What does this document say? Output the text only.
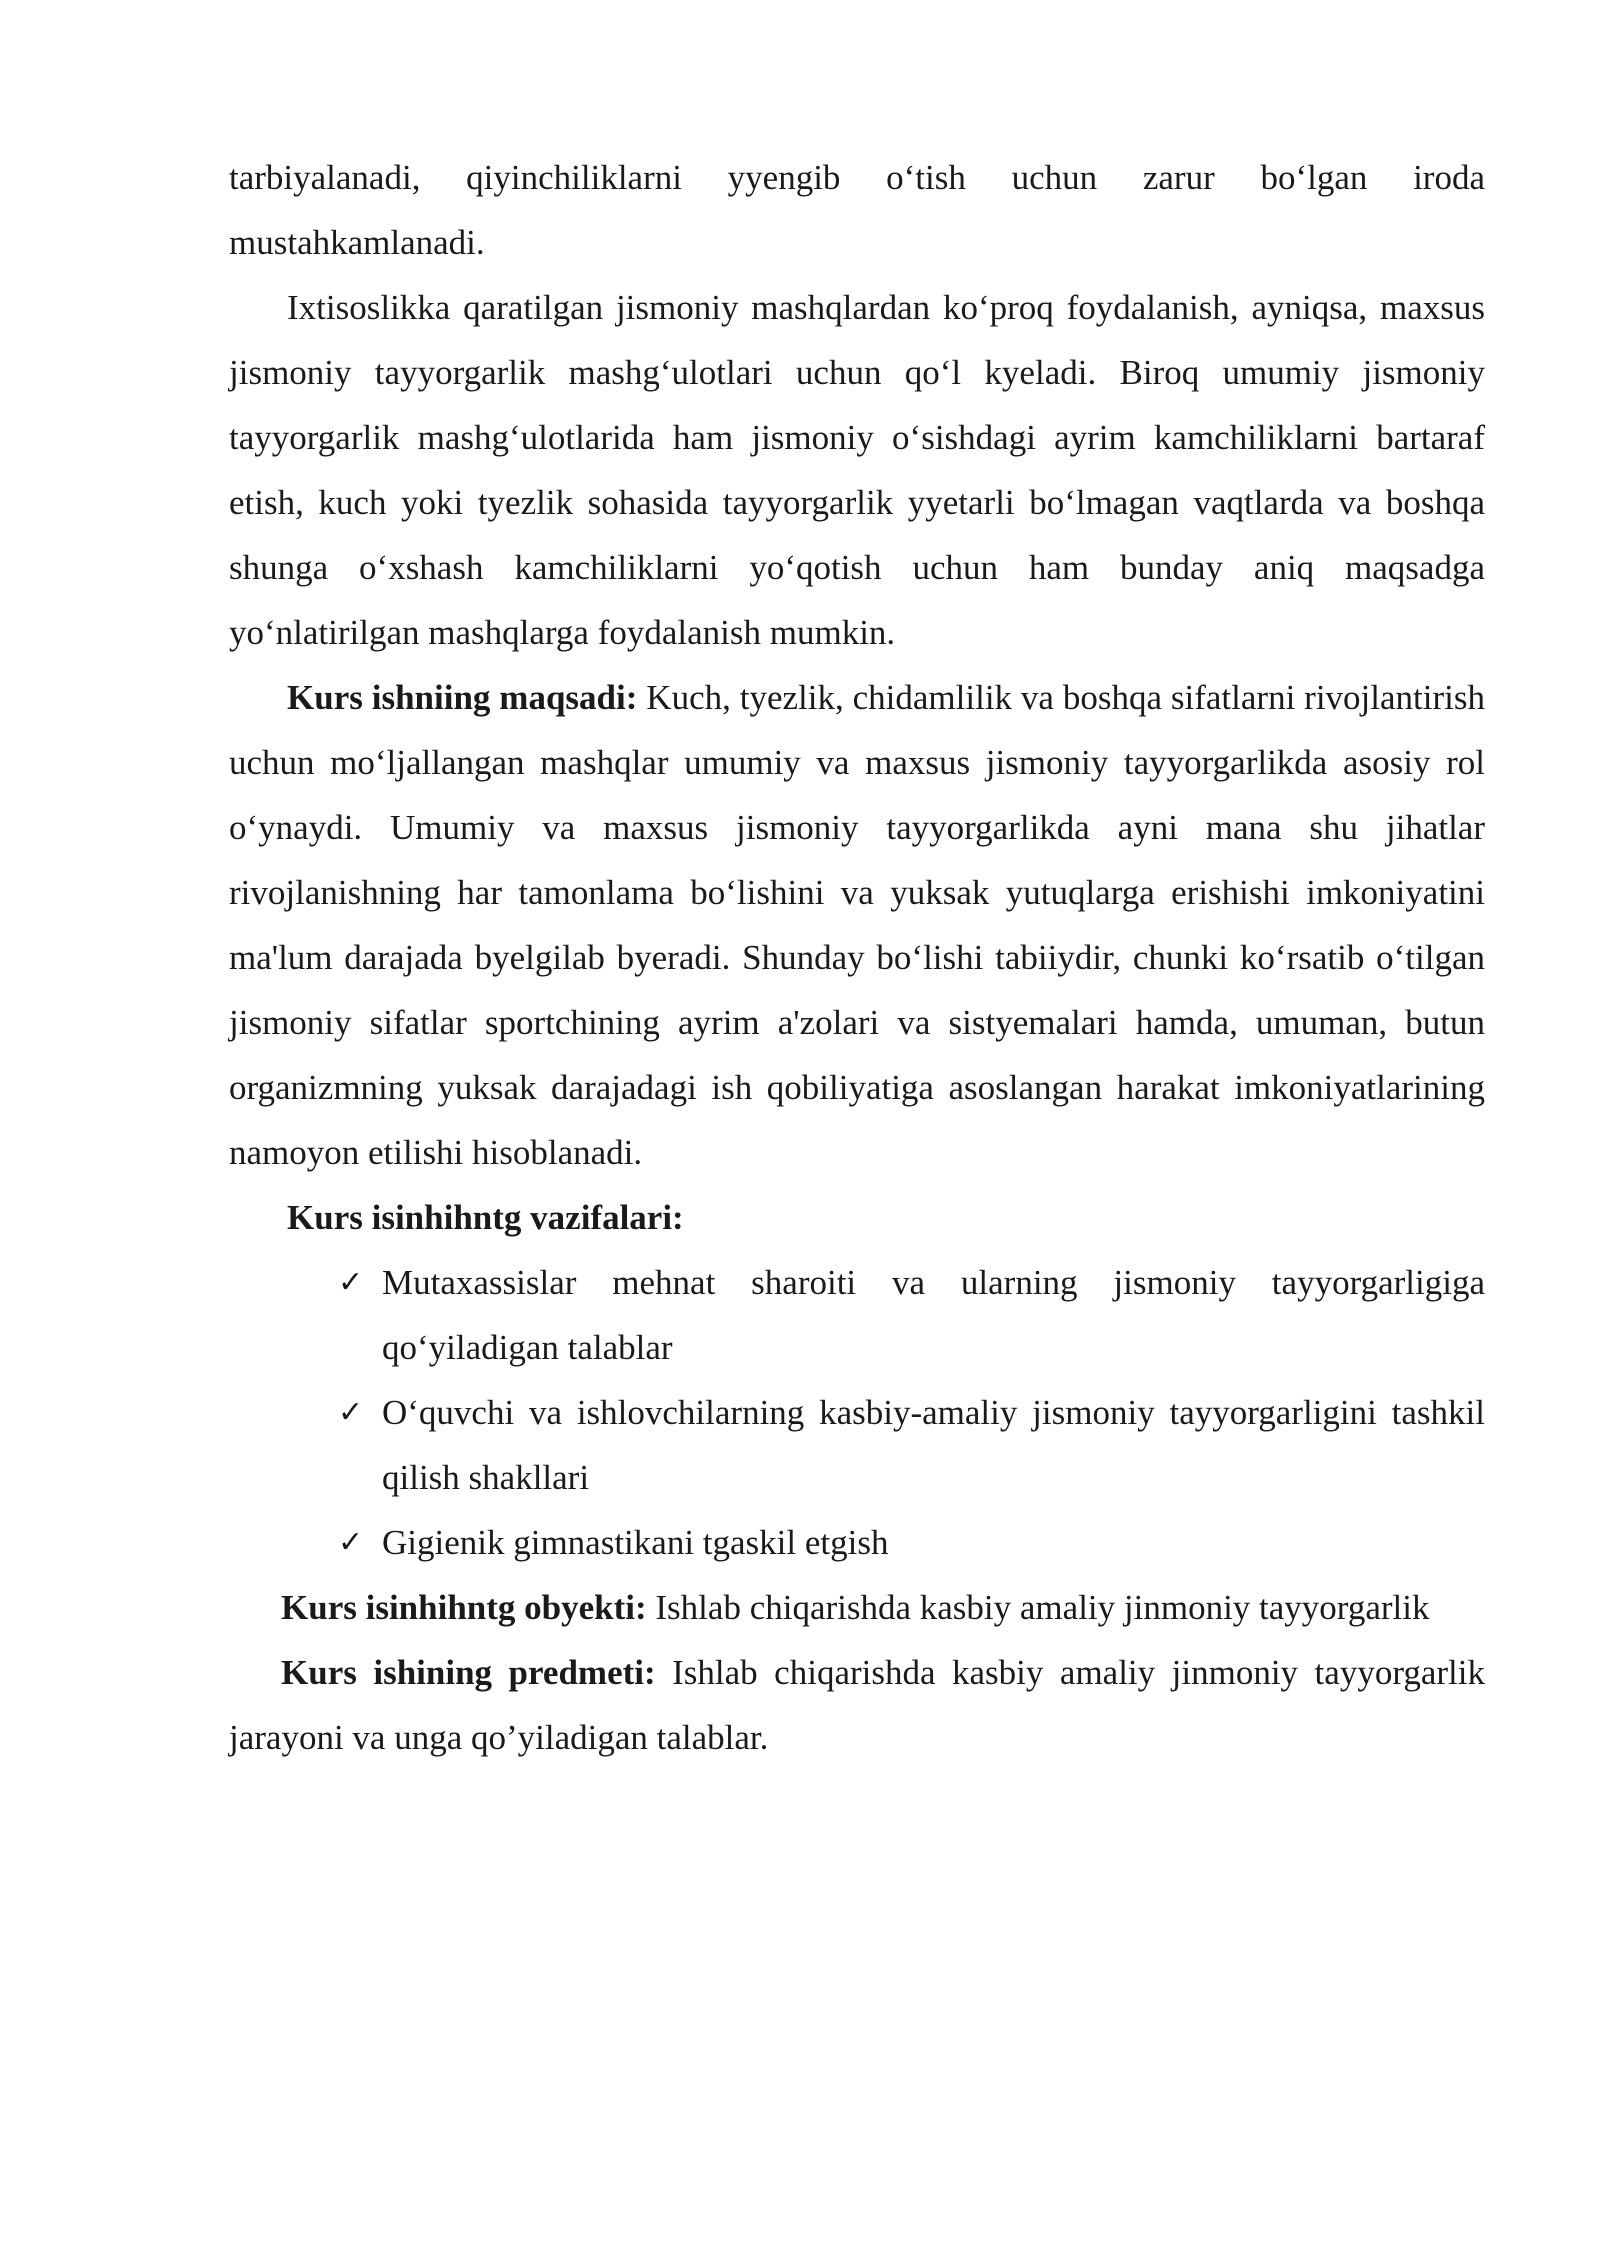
tarbiyalanadi, qiyinchiliklarni yyengib o‘tish uchun zarur bo‘lgan iroda mustahkamlanadi.

Ixtisoslikka qaratilgan jismoniy mashqlardan ko‘proq foydalanish, ayniqsa, maxsus jismoniy tayyorgarlik mashg‘ulotlari uchun qo‘l kyeladi. Biroq umumiy jismoniy tayyorgarlik mashg‘ulotlarida ham jismoniy o‘sishdagi ayrim kamchiliklarni bartaraf etish, kuch yoki tyezlik sohasida tayyorgarlik yyetarli bo‘lmagan vaqtlarda va boshqa shunga o‘xshash kamchiliklarni yo‘qotish uchun ham bunday aniq maqsadga yo‘nlatirilgan mashqlarga foydalanish mumkin.

Kurs ishniing maqsadi: Kuch, tyezlik, chidamlilik va boshqa sifatlarni rivojlantirish uchun mo‘ljallangan mashqlar umumiy va maxsus jismoniy tayyorgarlikda asosiy rol o‘ynaydi. Umumiy va maxsus jismoniy tayyorgarlikda ayni mana shu jihatlar rivojlanishning har tamonlama bo‘lishini va yuksak yutuqlarga erishishi imkoniyatini ma'lum darajada byelgilab byeradi. Shunday bo‘lishi tabiiydir, chunki ko‘rsatib o‘tilgan jismoniy sifatlar sportchining ayrim a'zolari va sistyemalari hamda, umuman, butun organizmning yuksak darajadagi ish qobiliyatiga asoslangan harakat imkoniyatlarining namoyon etilishi hisoblanadi.

Kurs isinhihntg vazifalari:

✓ Mutaxassislar mehnat sharoiti va ularning jismoniy tayyorgarligiga qo‘yiladigan talablar
✓ O‘quvchi va ishlovchilarning kasbiy-amaliy jismoniy tayyorgarligini tashkil qilish shakllari
✓ Gigienik gimnastikani tgaskil etgish

Kurs isinhihntg obyekti: Ishlab chiqarishda kasbiy amaliy jinmoniy tayyorgarlik

Kurs ishining predmeti: Ishlab chiqarishda kasbiy amaliy jinmoniy tayyorgarlik jarayoni va unga qo’yiladigan talablar.
